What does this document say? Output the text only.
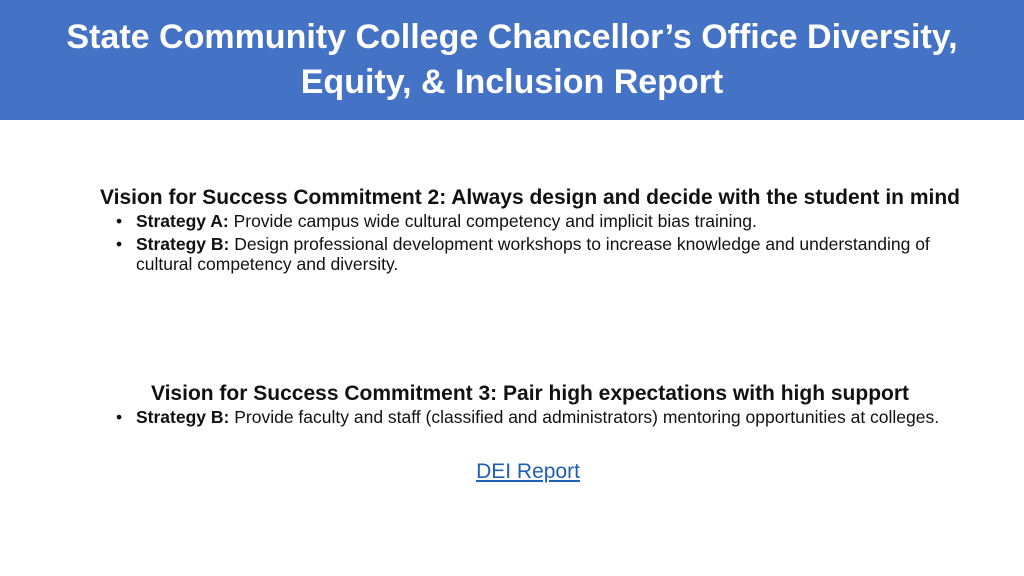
State Community College Chancellor’s Office Diversity, Equity, & Inclusion Report
Vision for Success Commitment 2: Always design and decide with the student in mind
• Strategy A: Provide campus wide cultural competency and implicit bias training.
• Strategy B: Design professional development workshops to increase knowledge and understanding of cultural competency and diversity.
Vision for Success Commitment 3: Pair high expectations with high support
• Strategy B: Provide faculty and staff (classified and administrators) mentoring opportunities at colleges.
DEI Report
